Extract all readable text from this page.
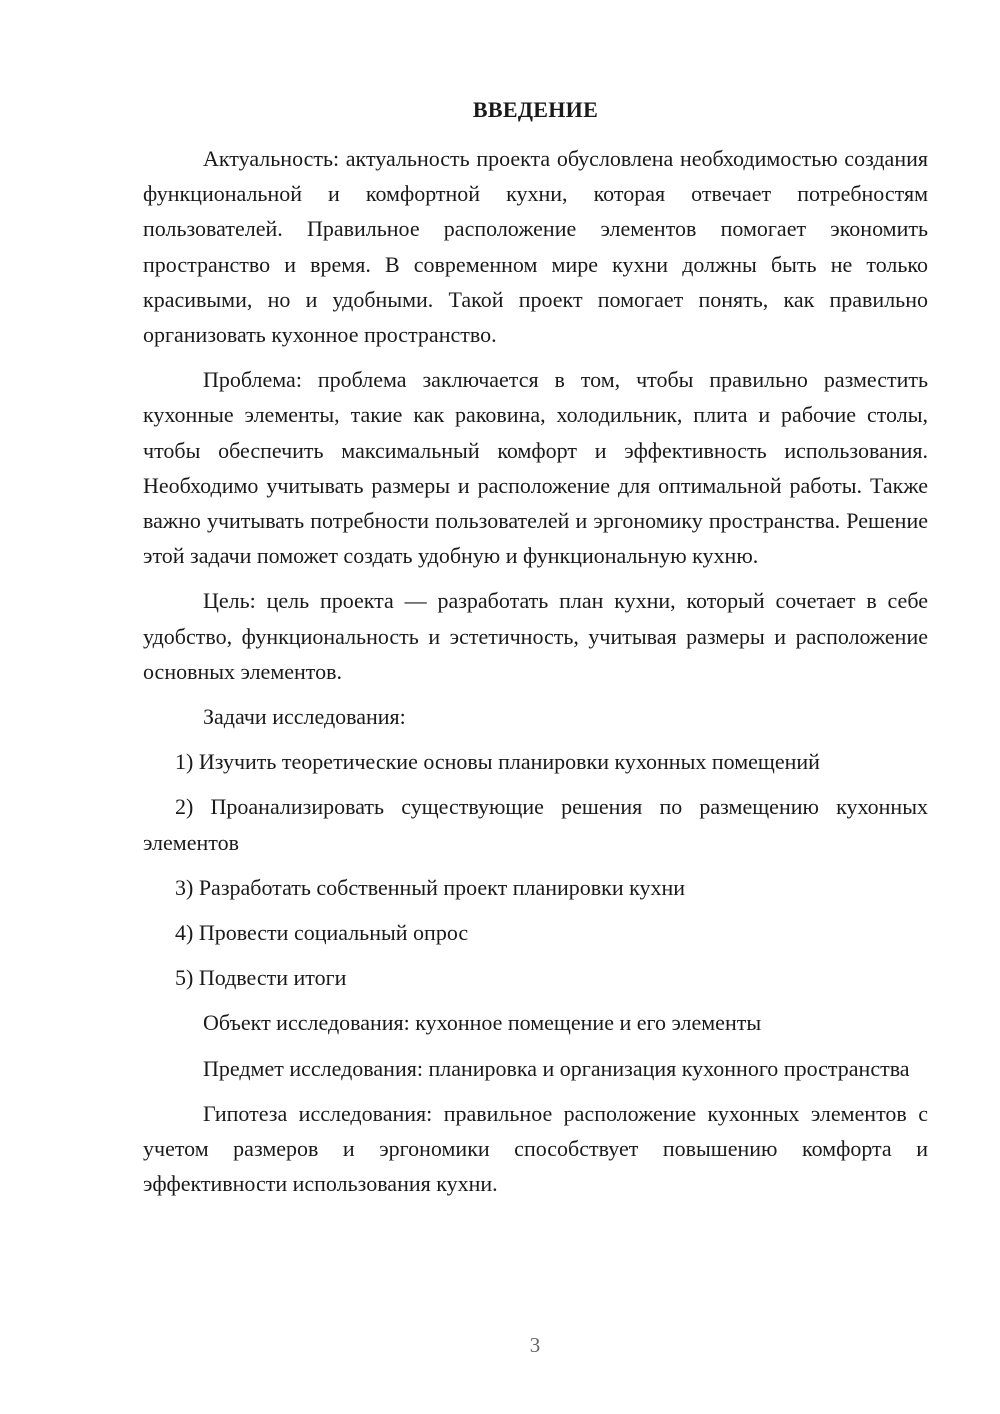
ВВЕДЕНИЕ

Актуальность: актуальность проекта обусловлена необходимостью создания функциональной и комфортной кухни, которая отвечает потребностям пользователей. Правильное расположение элементов помогает экономить пространство и время. В современном мире кухни должны быть не только красивыми, но и удобными. Такой проект помогает понять, как правильно организовать кухонное пространство.

Проблема: проблема заключается в том, чтобы правильно разместить кухонные элементы, такие как раковина, холодильник, плита и рабочие столы, чтобы обеспечить максимальный комфорт и эффективность использования. Необходимо учитывать размеры и расположение для оптимальной работы. Также важно учитывать потребности пользователей и эргономику пространства. Решение этой задачи поможет создать удобную и функциональную кухню.

Цель: цель проекта — разработать план кухни, который сочетает в себе удобство, функциональность и эстетичность, учитывая размеры и расположение основных элементов.

Задачи исследования:

1) Изучить теоретические основы планировки кухонных помещений

2) Проанализировать существующие решения по размещению кухонных элементов

3) Разработать собственный проект планировки кухни

4) Провести социальный опрос

5) Подвести итоги

Объект исследования: кухонное помещение и его элементы

Предмет исследования: планировка и организация кухонного пространства

Гипотеза исследования: правильное расположение кухонных элементов с учетом размеров и эргономики способствует повышению комфорта и эффективности использования кухни.

3
